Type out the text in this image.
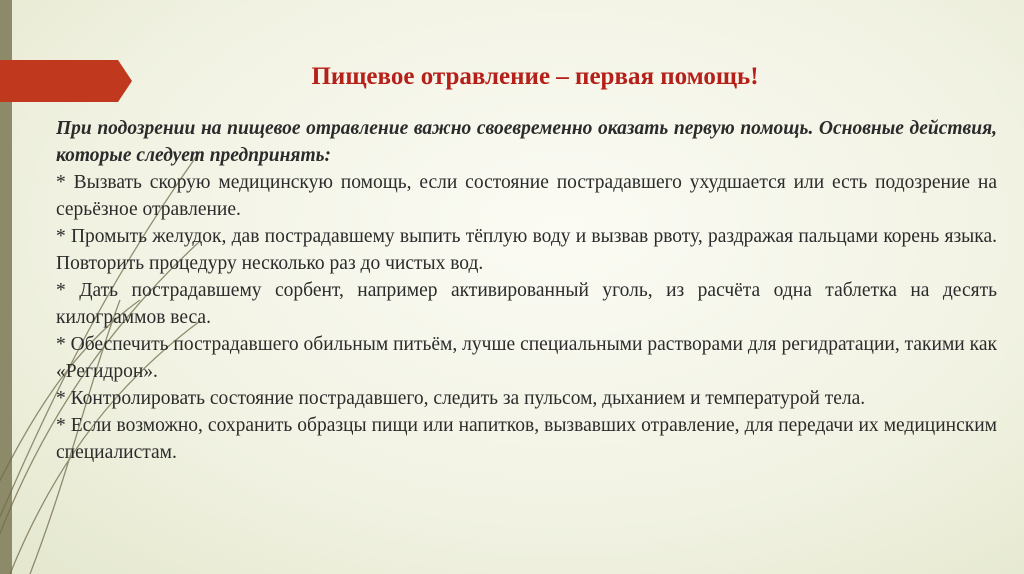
Пищевое отравление – первая помощь!

При подозрении на пищевое отравление важно своевременно оказать первую помощь. Основные действия, которые следует предпринять:

* Вызвать скорую медицинскую помощь, если состояние пострадавшего ухудшается или есть подозрение на серьёзное отравление.

* Промыть желудок, дав пострадавшему выпить тёплую воду и вызвав рвоту, раздражая пальцами корень языка. Повторить процедуру несколько раз до чистых вод.

* Дать пострадавшему сорбент, например активированный уголь, из расчёта одна таблетка на десять килограммов веса.

* Обеспечить пострадавшего обильным питьём, лучше специальными растворами для регидратации, такими как «Регидрон».

* Контролировать состояние пострадавшего, следить за пульсом, дыханием и температурой тела.

* Если возможно, сохранить образцы пищи или напитков, вызвавших отравление, для передачи их медицинским специалистам.
